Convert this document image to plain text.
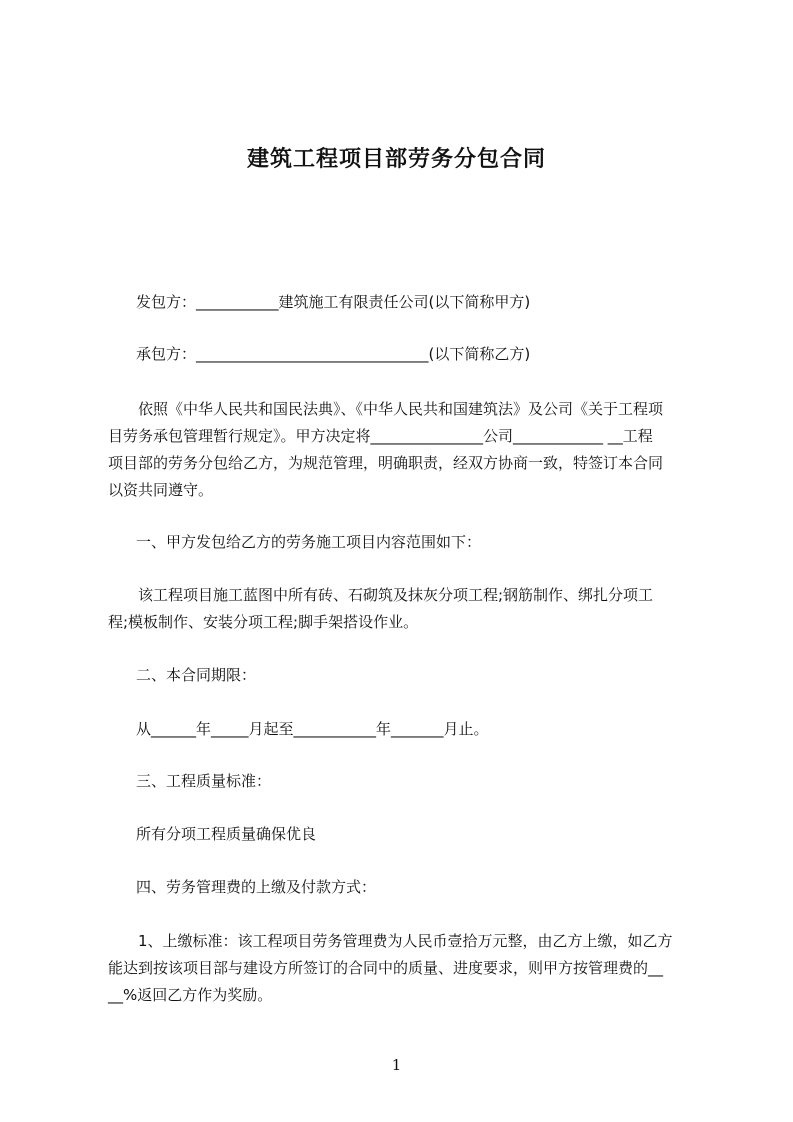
建筑工程项目部劳务分包合同
发包方：___________建筑施工有限责任公司(以下简称甲方)
承包方：_______________________________(以下简称乙方)
依照《中华人民共和国民法典》、《中华人民共和国建筑法》及公司《关于工程项
目劳务承包管理暂行规定》。甲方决定将_______________公司____________ __工程
项目部的劳务分包给乙方，为规范管理，明确职责，经双方协商一致，特签订本合同
以资共同遵守。
一、甲方发包给乙方的劳务施工项目内容范围如下：
该工程项目施工蓝图中所有砖、石砌筑及抹灰分项工程;钢筋制作、绑扎分项工
程;模板制作、安装分项工程;脚手架搭设作业。
二、本合同期限：
从______年_____月起至___________年_______月止。
三、工程质量标准：
所有分项工程质量确保优良
四、劳务管理费的上缴及付款方式：
1、上缴标准：该工程项目劳务管理费为人民币壹拾万元整，由乙方上缴，如乙方
能达到按该项目部与建设方所签订的合同中的质量、进度要求，则甲方按管理费的__
__%返回乙方作为奖励。
1
